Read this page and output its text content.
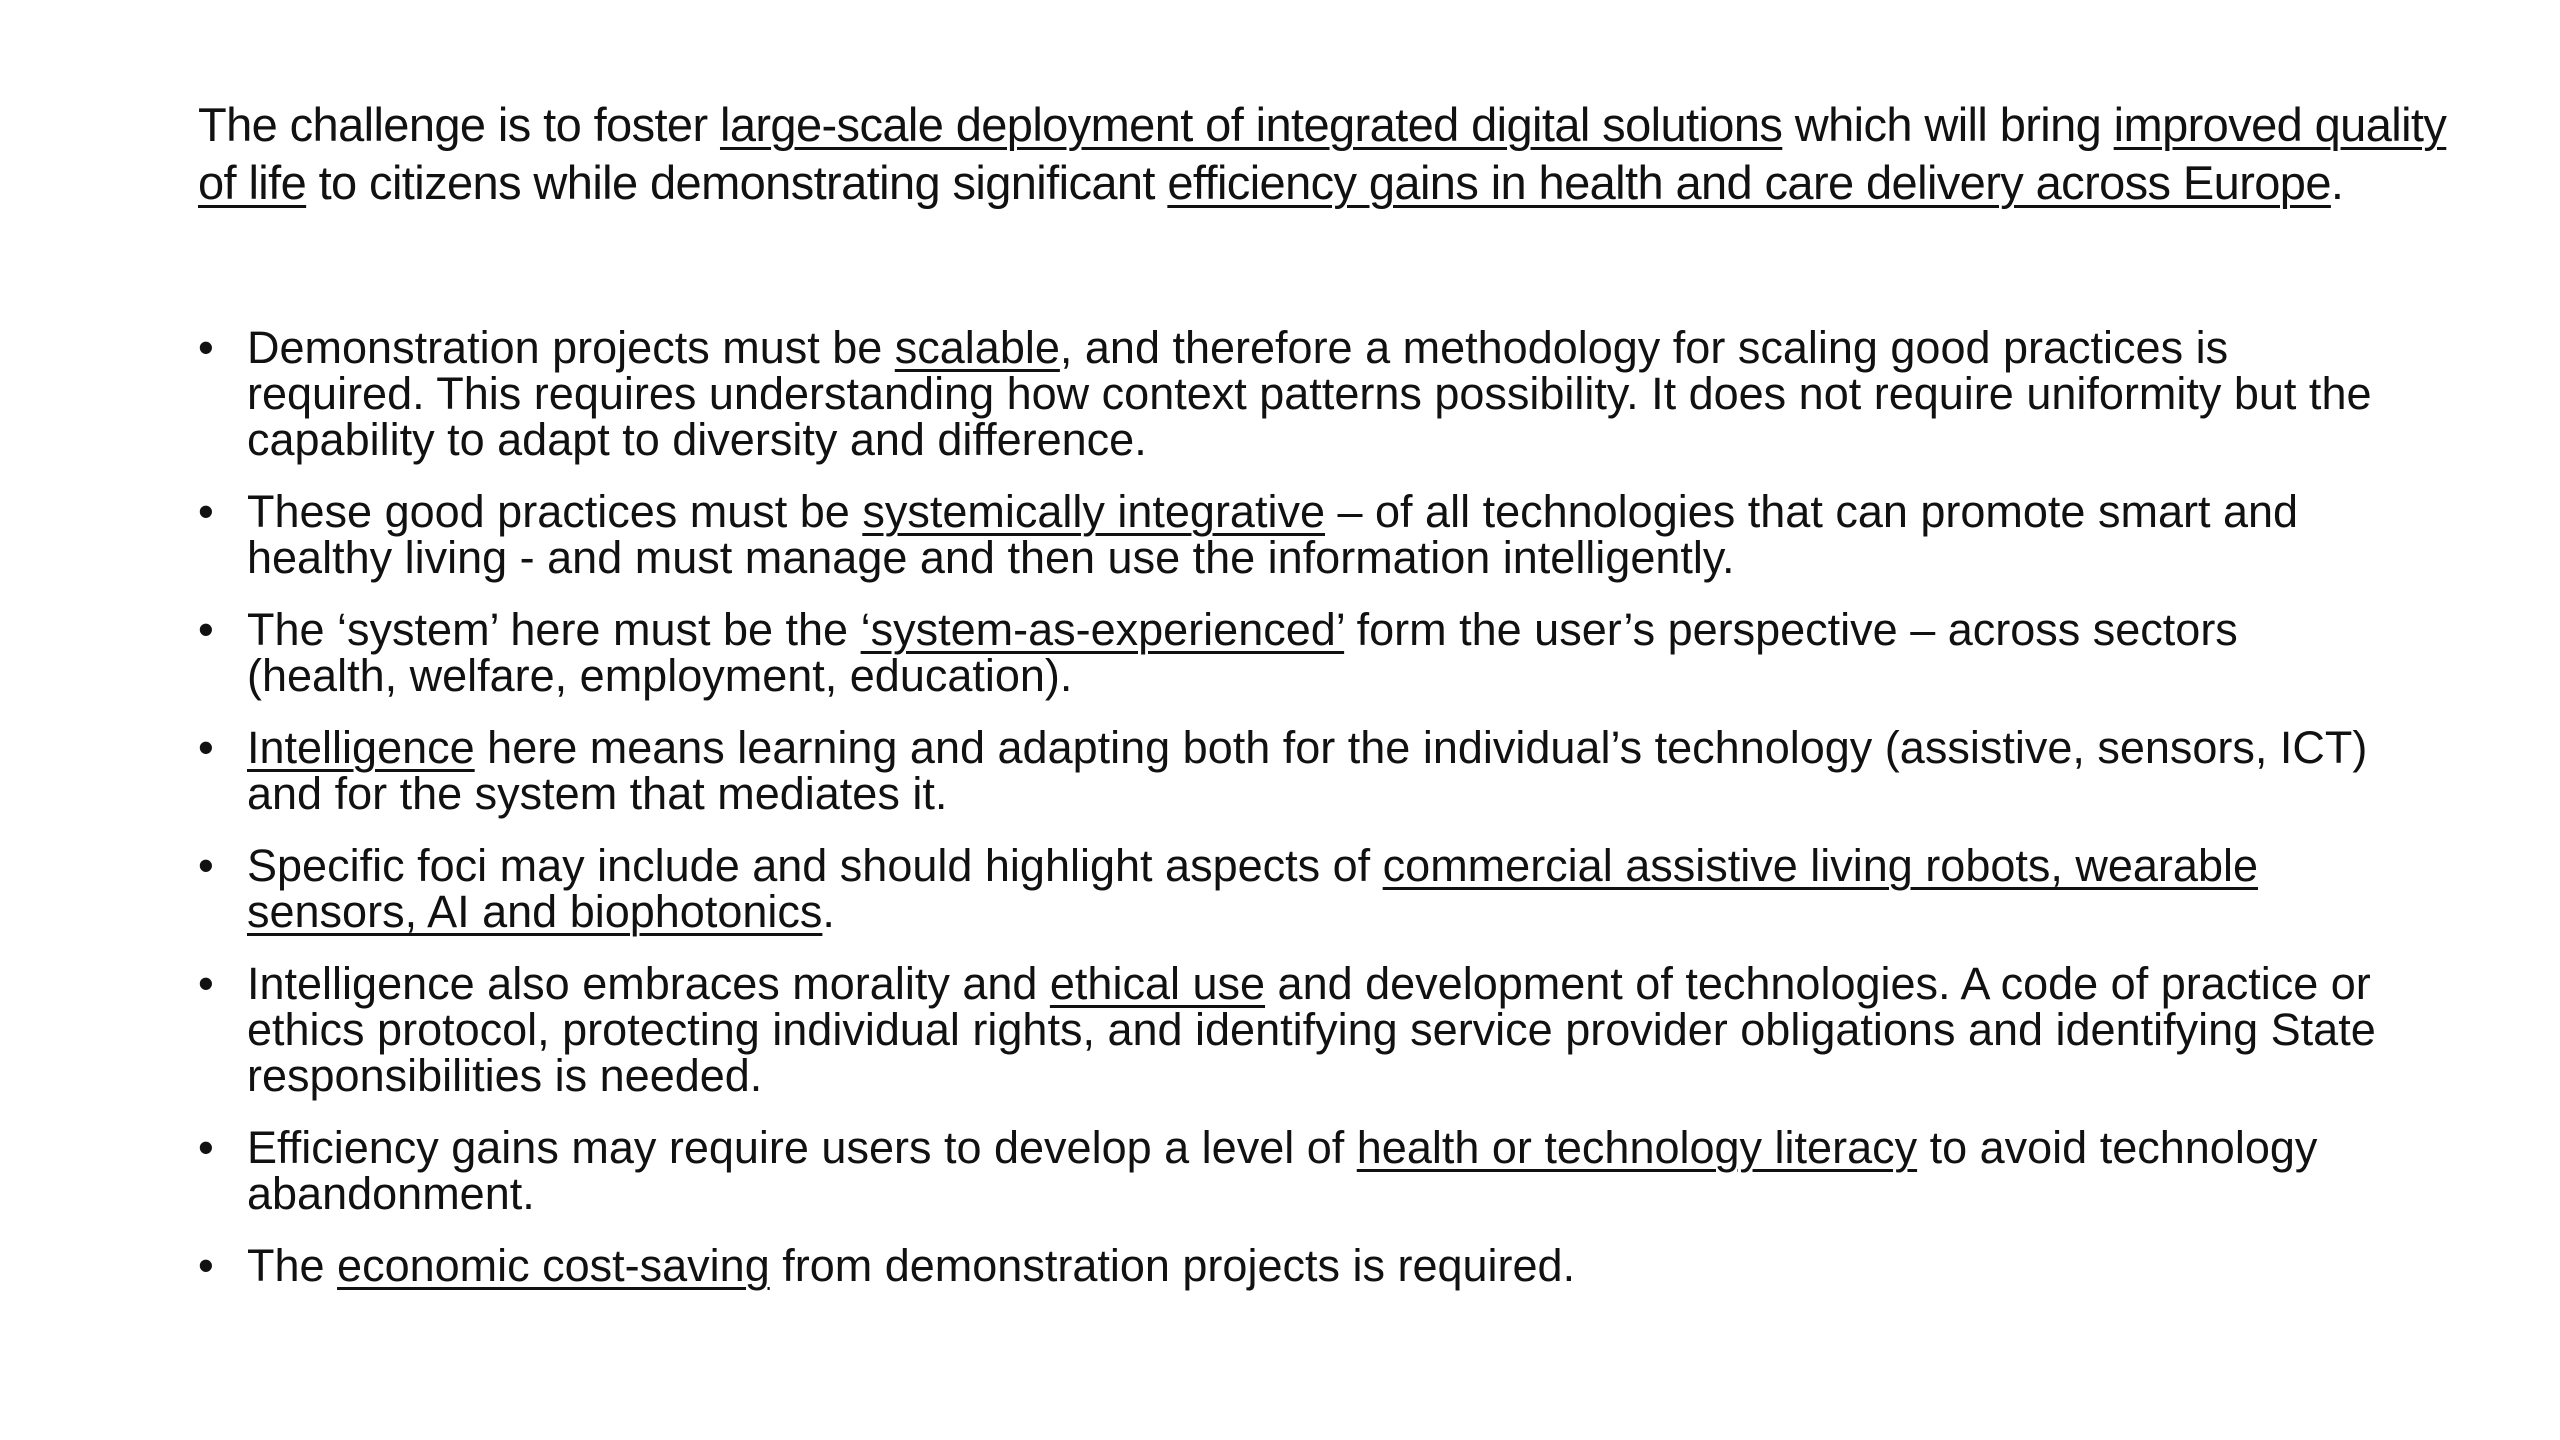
The challenge is to foster large-scale deployment of integrated digital solutions which will bring improved quality of life to citizens while demonstrating significant efficiency gains in health and care delivery across Europe.

• Demonstration projects must be scalable, and therefore a methodology for scaling good practices is required. This requires understanding how context patterns possibility. It does not require uniformity but the capability to adapt to diversity and difference.
• These good practices must be systemically integrative – of all technologies that can promote smart and healthy living - and must manage and then use the information intelligently.
• The ‘system’ here must be the ‘system-as-experienced’ form the user’s perspective – across sectors (health, welfare, employment, education).
• Intelligence here means learning and adapting both for the individual’s technology (assistive, sensors, ICT) and for the system that mediates it.
• Specific foci may include and should highlight aspects of commercial assistive living robots, wearable sensors, AI and biophotonics.
• Intelligence also embraces morality and ethical use and development of technologies. A code of practice or ethics protocol, protecting individual rights, and identifying service provider obligations and identifying State responsibilities is needed.
• Efficiency gains may require users to develop a level of health or technology literacy to avoid technology abandonment.
• The economic cost-saving from demonstration projects is required.
